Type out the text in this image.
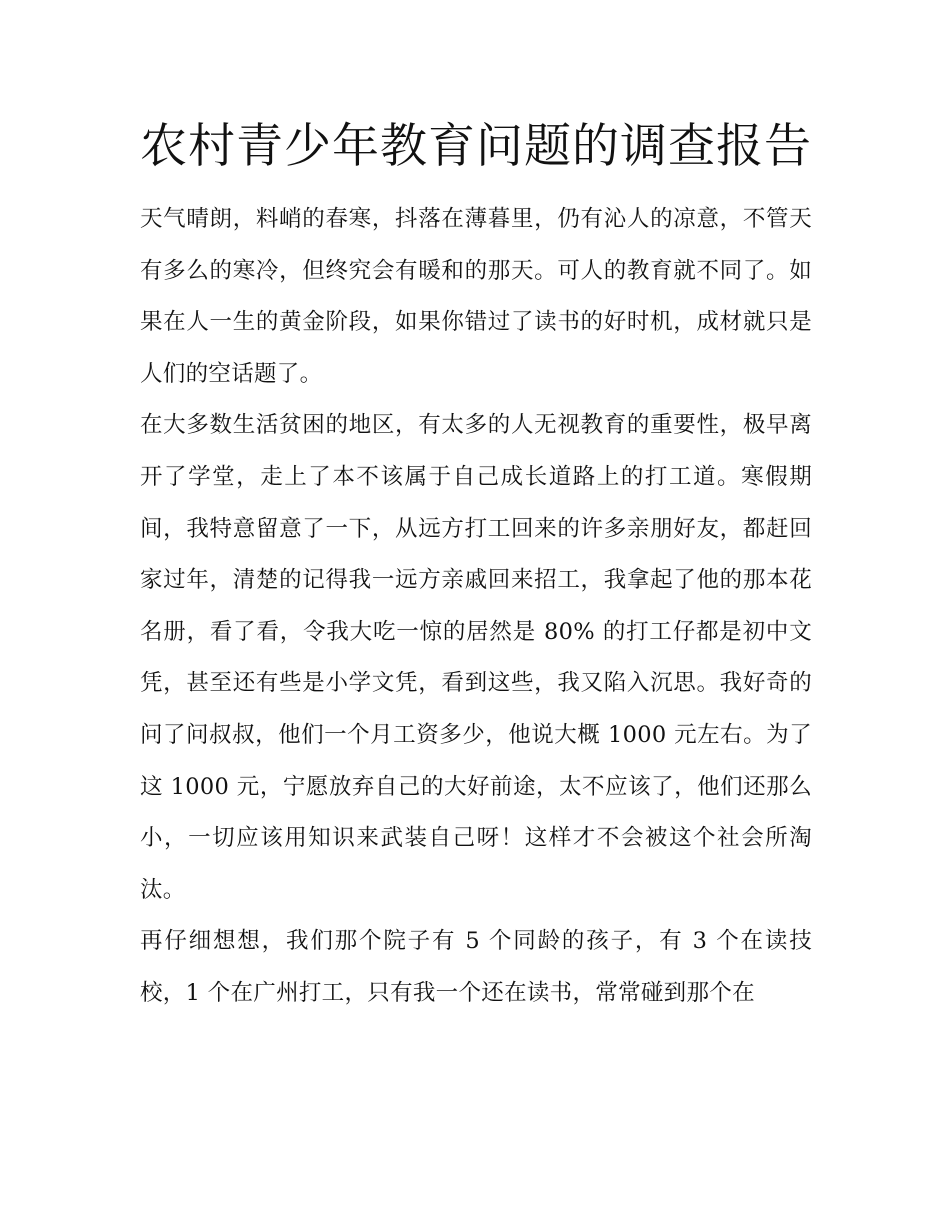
农村青少年教育问题的调查报告

天气晴朗，料峭的春寒，抖落在薄暮里，仍有沁人的凉意，不管天有多么的寒冷，但终究会有暖和的那天。可人的教育就不同了。如果在人一生的黄金阶段，如果你错过了读书的好时机，成材就只是人们的空话题了。

在大多数生活贫困的地区，有太多的人无视教育的重要性，极早离开了学堂，走上了本不该属于自己成长道路上的打工道。寒假期间，我特意留意了一下，从远方打工回来的许多亲朋好友，都赶回家过年，清楚的记得我一远方亲戚回来招工，我拿起了他的那本花名册，看了看，令我大吃一惊的居然是 80% 的打工仔都是初中文凭，甚至还有些是小学文凭，看到这些，我又陷入沉思。我好奇的问了问叔叔，他们一个月工资多少，他说大概 1000 元左右。为了这 1000 元，宁愿放弃自己的大好前途，太不应该了，他们还那么小，一切应该用知识来武装自己呀！这样才不会被这个社会所淘汰。

再仔细想想，我们那个院子有 5 个同龄的孩子，有 3 个在读技校，1 个在广州打工，只有我一个还在读书，常常碰到那个在
